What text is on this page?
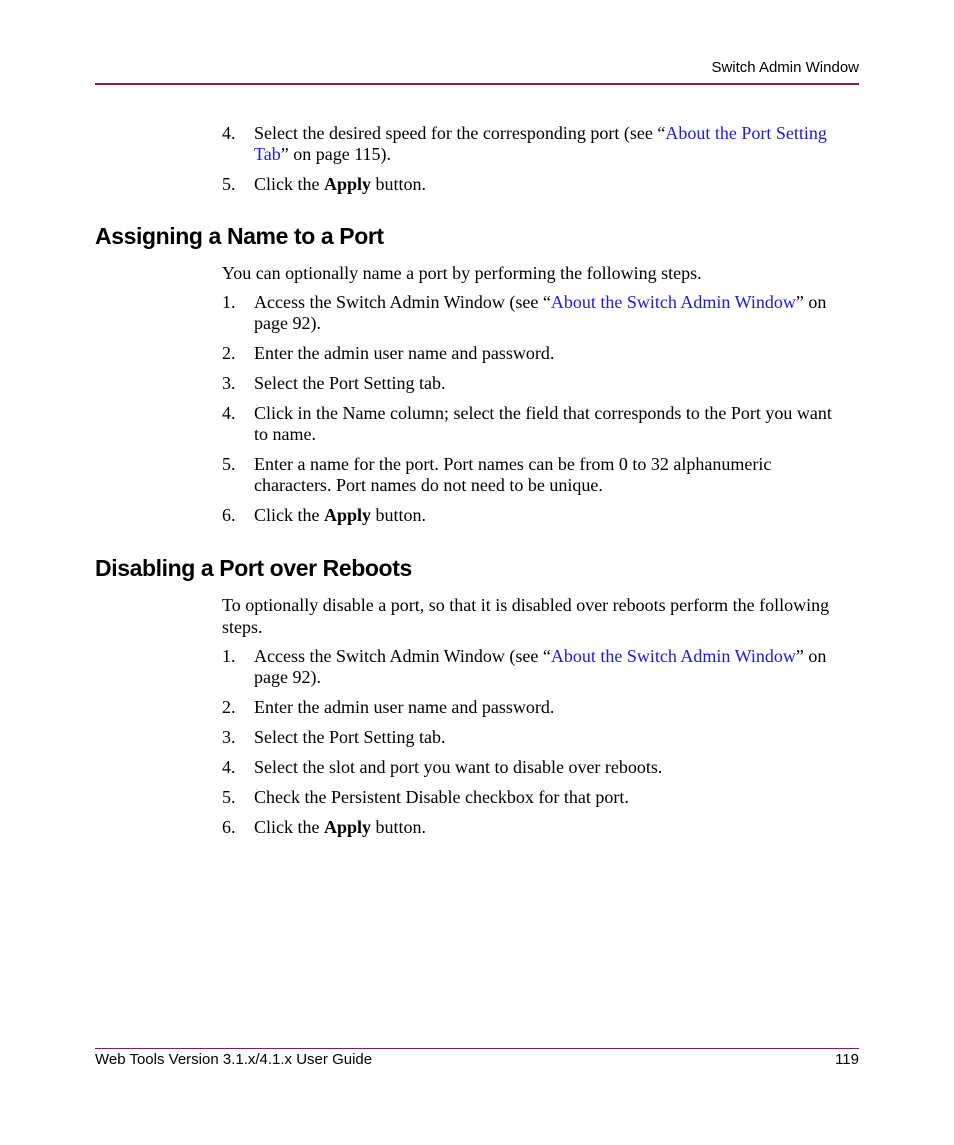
Switch Admin Window
4. Select the desired speed for the corresponding port (see “About the Port Setting Tab” on page 115).
5. Click the Apply button.
Assigning a Name to a Port

You can optionally name a port by performing the following steps.

1. Access the Switch Admin Window (see “About the Switch Admin Window” on page 92).
2. Enter the admin user name and password.
3. Select the Port Setting tab.
4. Click in the Name column; select the field that corresponds to the Port you want to name.
5. Enter a name for the port. Port names can be from 0 to 32 alphanumeric characters. Port names do not need to be unique.
6. Click the Apply button.
Disabling a Port over Reboots

To optionally disable a port, so that it is disabled over reboots perform the following steps.

1. Access the Switch Admin Window (see “About the Switch Admin Window” on page 92).
2. Enter the admin user name and password.
3. Select the Port Setting tab.
4. Select the slot and port you want to disable over reboots.
5. Check the Persistent Disable checkbox for that port.
6. Click the Apply button.
Web Tools Version 3.1.x/4.1.x User Guide	119
